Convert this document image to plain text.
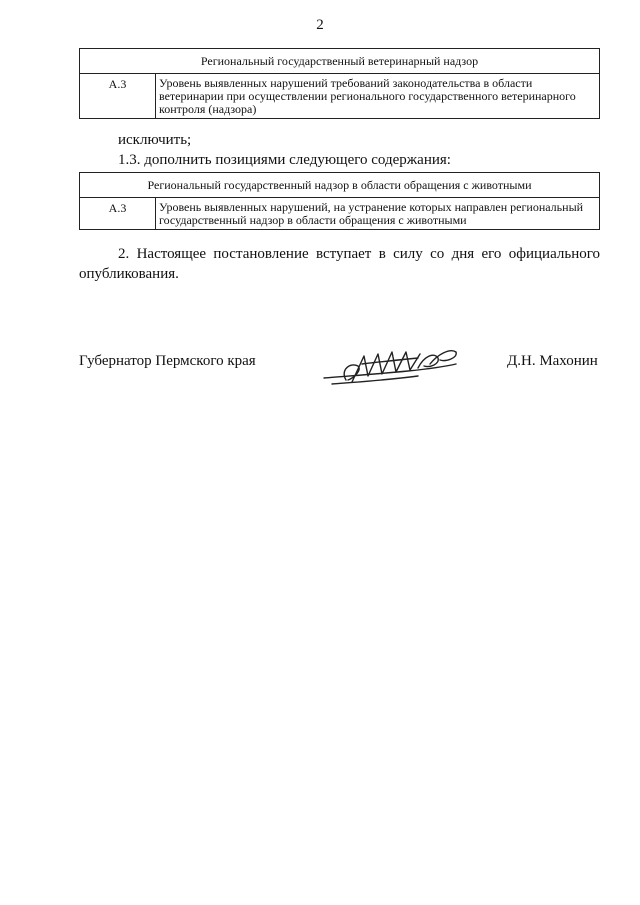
2
Региональный государственный ветеринарный надзор
А.3	Уровень выявленных нарушений требований законодательства в области ветеринарии при осуществлении регионального государственного ветеринарного контроля (надзора)
исключить;
1.3. дополнить позициями следующего содержания:
Региональный государственный надзор в области обращения с животными
А.3	Уровень выявленных нарушений, на устранение которых направлен региональный государственный надзор в области обращения с животными
2. Настоящее постановление вступает в силу со дня его официального опубликования.
Губернатор Пермского края	Д.Н. Махонин
